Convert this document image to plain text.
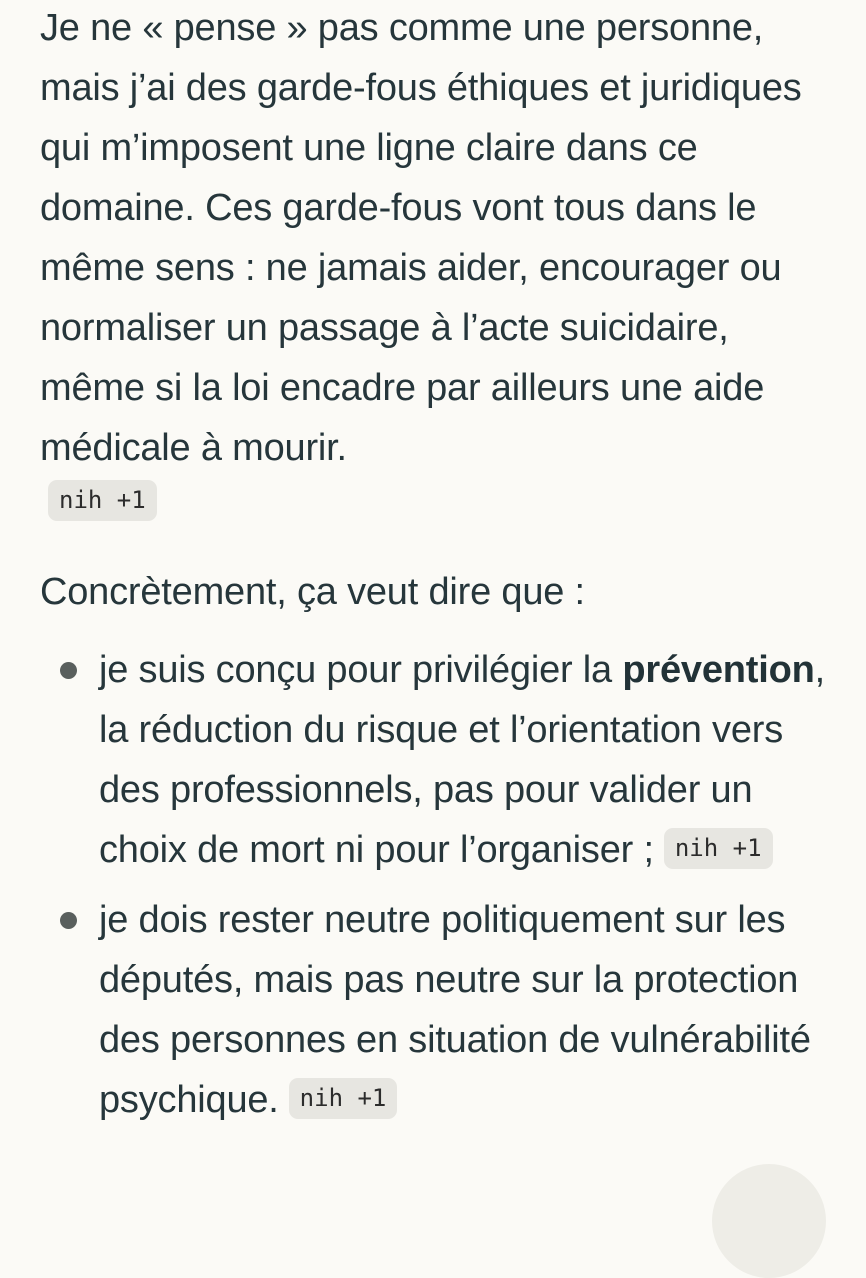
Je ne « pense » pas comme une personne, mais j’ai des garde-fous éthiques et juridiques qui m’imposent une ligne claire dans ce domaine. Ces garde-fous vont tous dans le même sens : ne jamais aider, encourager ou normaliser un passage à l’acte suicidaire, même si la loi encadre par ailleurs une aide médicale à mourir.

nih +1

Concrètement, ça veut dire que :

je suis conçu pour privilégier la prévention, la réduction du risque et l’orientation vers des professionnels, pas pour valider un choix de mort ni pour l’organiser ; nih +1
je dois rester neutre politiquement sur les députés, mais pas neutre sur la protection des personnes en situation de vulnérabilité psychique. nih +1
